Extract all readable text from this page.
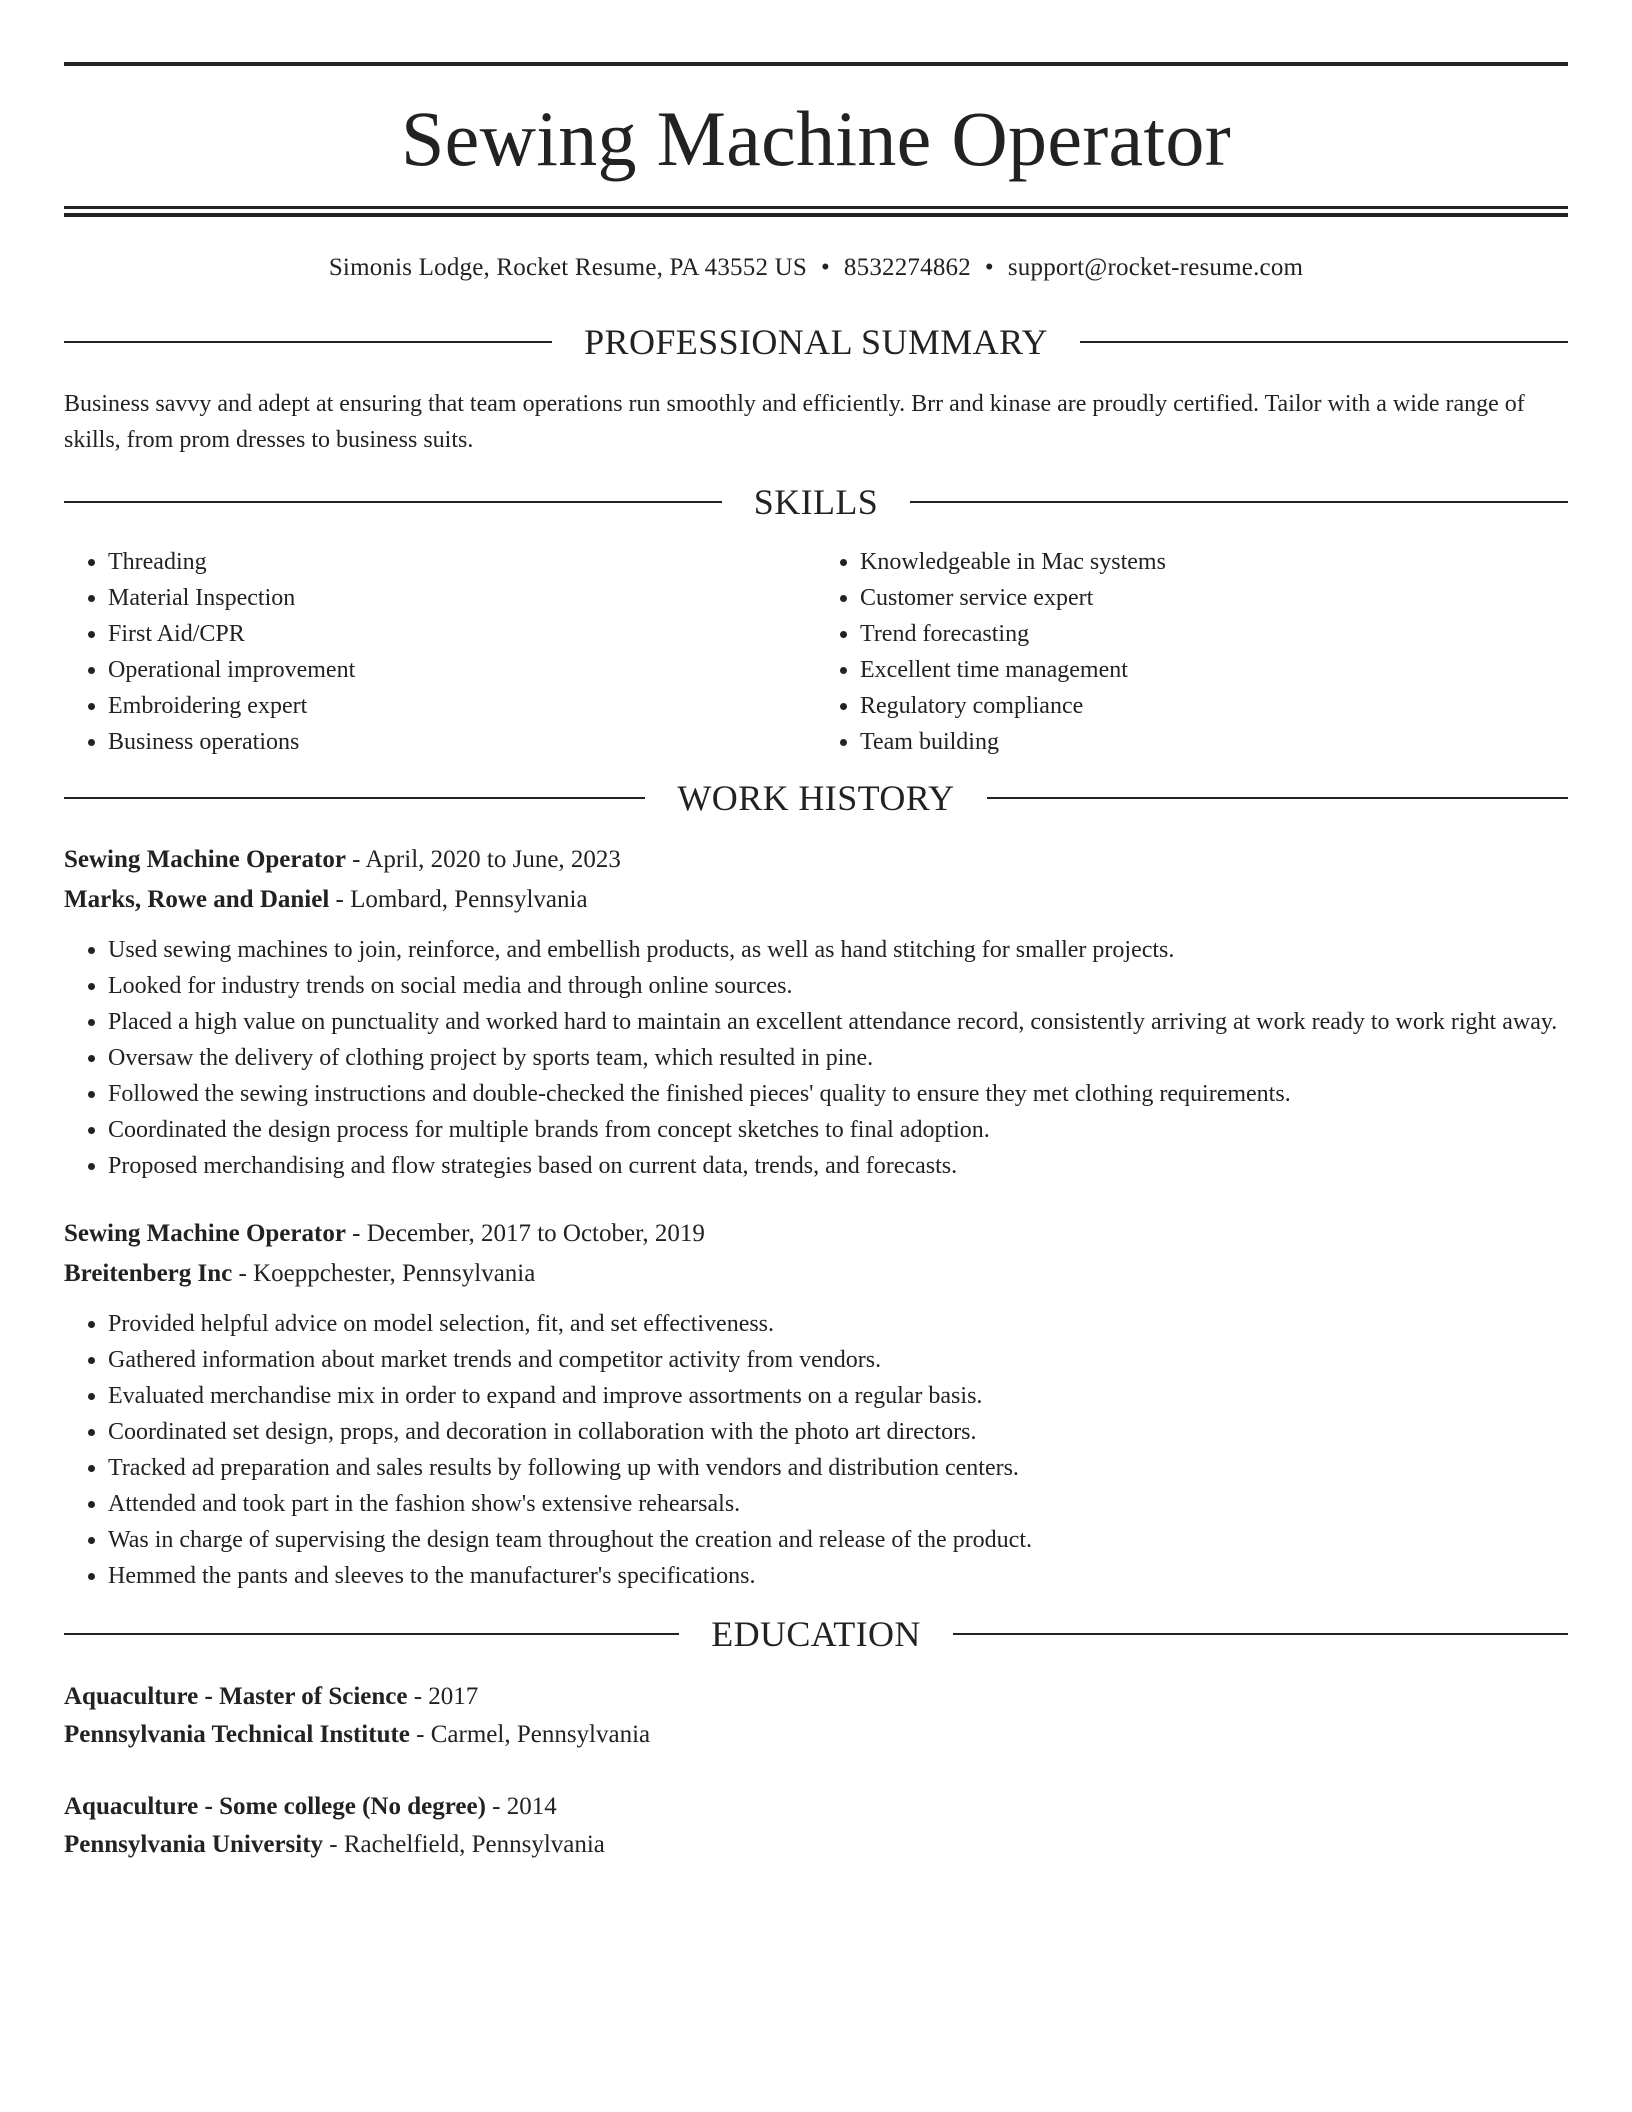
Sewing Machine Operator
Simonis Lodge, Rocket Resume, PA 43552 US • 8532274862 • support@rocket-resume.com
PROFESSIONAL SUMMARY

Business savvy and adept at ensuring that team operations run smoothly and efficiently. Brr and kinase are proudly certified. Tailor with a wide range of skills, from prom dresses to business suits.

SKILLS
• Threading
• Material Inspection
• First Aid/CPR
• Operational improvement
• Embroidering expert
• Business operations
• Knowledgeable in Mac systems
• Customer service expert
• Trend forecasting
• Excellent time management
• Regulatory compliance
• Team building
WORK HISTORY

Sewing Machine Operator - April, 2020 to June, 2023

Marks, Rowe and Daniel - Lombard, Pennsylvania

• Used sewing machines to join, reinforce, and embellish products, as well as hand stitching for smaller projects.
• Looked for industry trends on social media and through online sources.
• Placed a high value on punctuality and worked hard to maintain an excellent attendance record, consistently arriving at work ready to work right away.
• Oversaw the delivery of clothing project by sports team, which resulted in pine.
• Followed the sewing instructions and double-checked the finished pieces' quality to ensure they met clothing requirements.
• Coordinated the design process for multiple brands from concept sketches to final adoption.
• Proposed merchandising and flow strategies based on current data, trends, and forecasts.

Sewing Machine Operator - December, 2017 to October, 2019

Breitenberg Inc - Koeppchester, Pennsylvania

• Provided helpful advice on model selection, fit, and set effectiveness.
• Gathered information about market trends and competitor activity from vendors.
• Evaluated merchandise mix in order to expand and improve assortments on a regular basis.
• Coordinated set design, props, and decoration in collaboration with the photo art directors.
• Tracked ad preparation and sales results by following up with vendors and distribution centers.
• Attended and took part in the fashion show's extensive rehearsals.
• Was in charge of supervising the design team throughout the creation and release of the product.
• Hemmed the pants and sleeves to the manufacturer's specifications.
EDUCATION

Aquaculture - Master of Science - 2017

Pennsylvania Technical Institute - Carmel, Pennsylvania

Aquaculture - Some college (No degree) - 2014

Pennsylvania University - Rachelfield, Pennsylvania
